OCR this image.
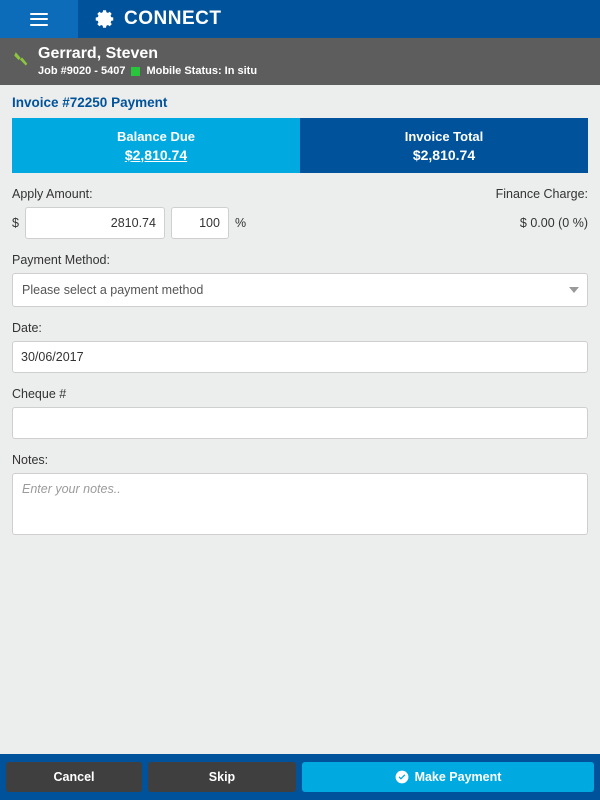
CONNECT
Gerrard, Steven
Job #9020 - 5407 Mobile Status: In situ
Invoice #72250 Payment
Balance Due
$2,810.74
Invoice Total
$2,810.74
Apply Amount:	Finance Charge:
$
2810.74
100	%	$ 0.00 (0 %)
Payment Method:
Please select a payment method
Date:
30/06/2017
Cheque #
Notes:
Enter your notes..
Cancel	Skip	Make Payment
